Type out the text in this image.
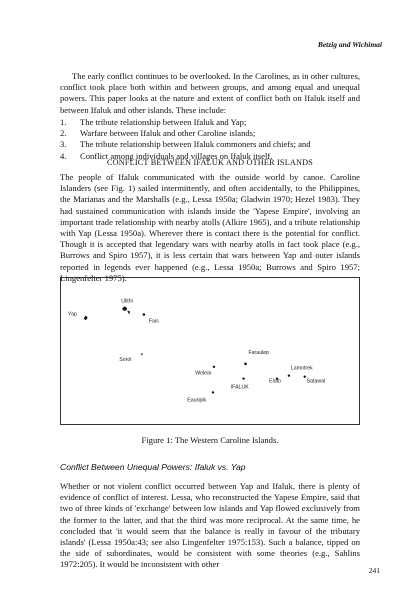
Betzig and Wichimai

The early conflict continues to be overlooked. In the Carolines, as in other cultures, conflict took place both within and between groups, and among equal and unequal powers. This paper looks at the nature and extent of conflict both on Ifaluk itself and between Ifaluk and other islands. These include:

1.	The tribute relationship between Ifaluk and Yap;
2.	Warfare between Ifaluk and other Caroline islands;
3.	The tribute relationship between Ifaluk commoners and chiefs; and
4.	Conflict among individuals and villages on Ifaluk itself.
CONFLICT BETWEEN IFALUK AND OTHER ISLANDS

The people of Ifaluk communicated with the outside world by canoe. Caroline Islanders (see Fig. 1) sailed intermittently, and often accidentally, to the Philippines, the Marianas and the Marshalls (e.g., Lessa 1950a; Gladwin 1970; Hezel 1983). They had sustained communication with islands inside the 'Yapese Empire', involving an important trade relationship with nearby atolls (Alkire 1965), and a tribute relationship with Yap (Lessa 1950a). Wherever there is contact there is the potential for conflict. Though it is accepted that legendary wars with nearby atolls in fact took place (e.g., Burrows and Spiro 1957), it is less certain that wars between Yap and outer islands reported in legends ever happened (e.g., Lessa 1950a; Burrows and Spiro 1957; Lingenfelter 1975).

Ulithi
Yap
Fais
Faraulep
Sorol
Woleai
Lamotrek
Elato	Satawal
IFALUK
Eauripik
Figure 1: The Western Caroline Islands.
Conflict Between Unequal Powers: Ifaluk vs. Yap

Whether or not violent conflict occurred between Yap and Ifaluk, there is plenty of evidence of conflict of interest. Lessa, who reconstructed the Yapese Empire, said that two of three kinds of 'exchange' between low islands and Yap flowed exclusively from the former to the latter, and that the third was more reciprocal. At the same time, he concluded that 'it would seem that the balance is really in favour of the tributary islands' (Lessa 1950a:43; see also Lingenfelter 1975:153). Such a balance, tipped on the side of subordinates, would be consistent with some theories (e.g., Sahlins 1972:205). It would be inconsistent with other

241
